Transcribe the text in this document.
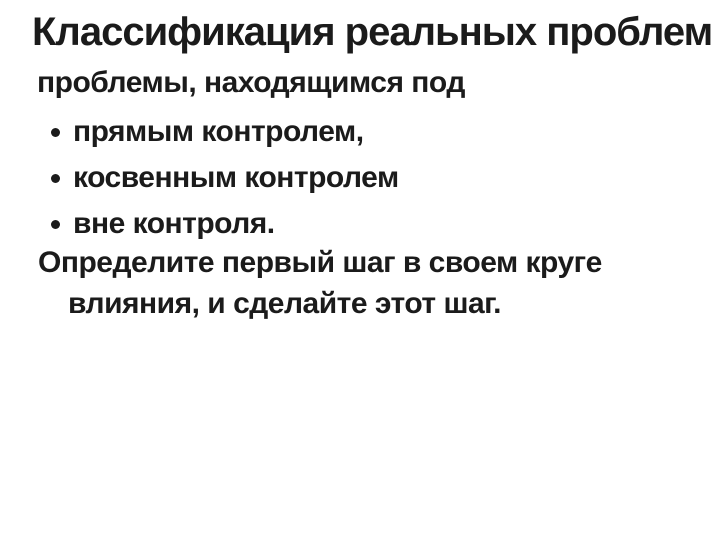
Классификация реальных проблем
проблемы, находящимся под
прямым контролем,
косвенным контролем
вне контроля.
Определите первый шаг в своем круге
влияния, и сделайте этот шаг.
